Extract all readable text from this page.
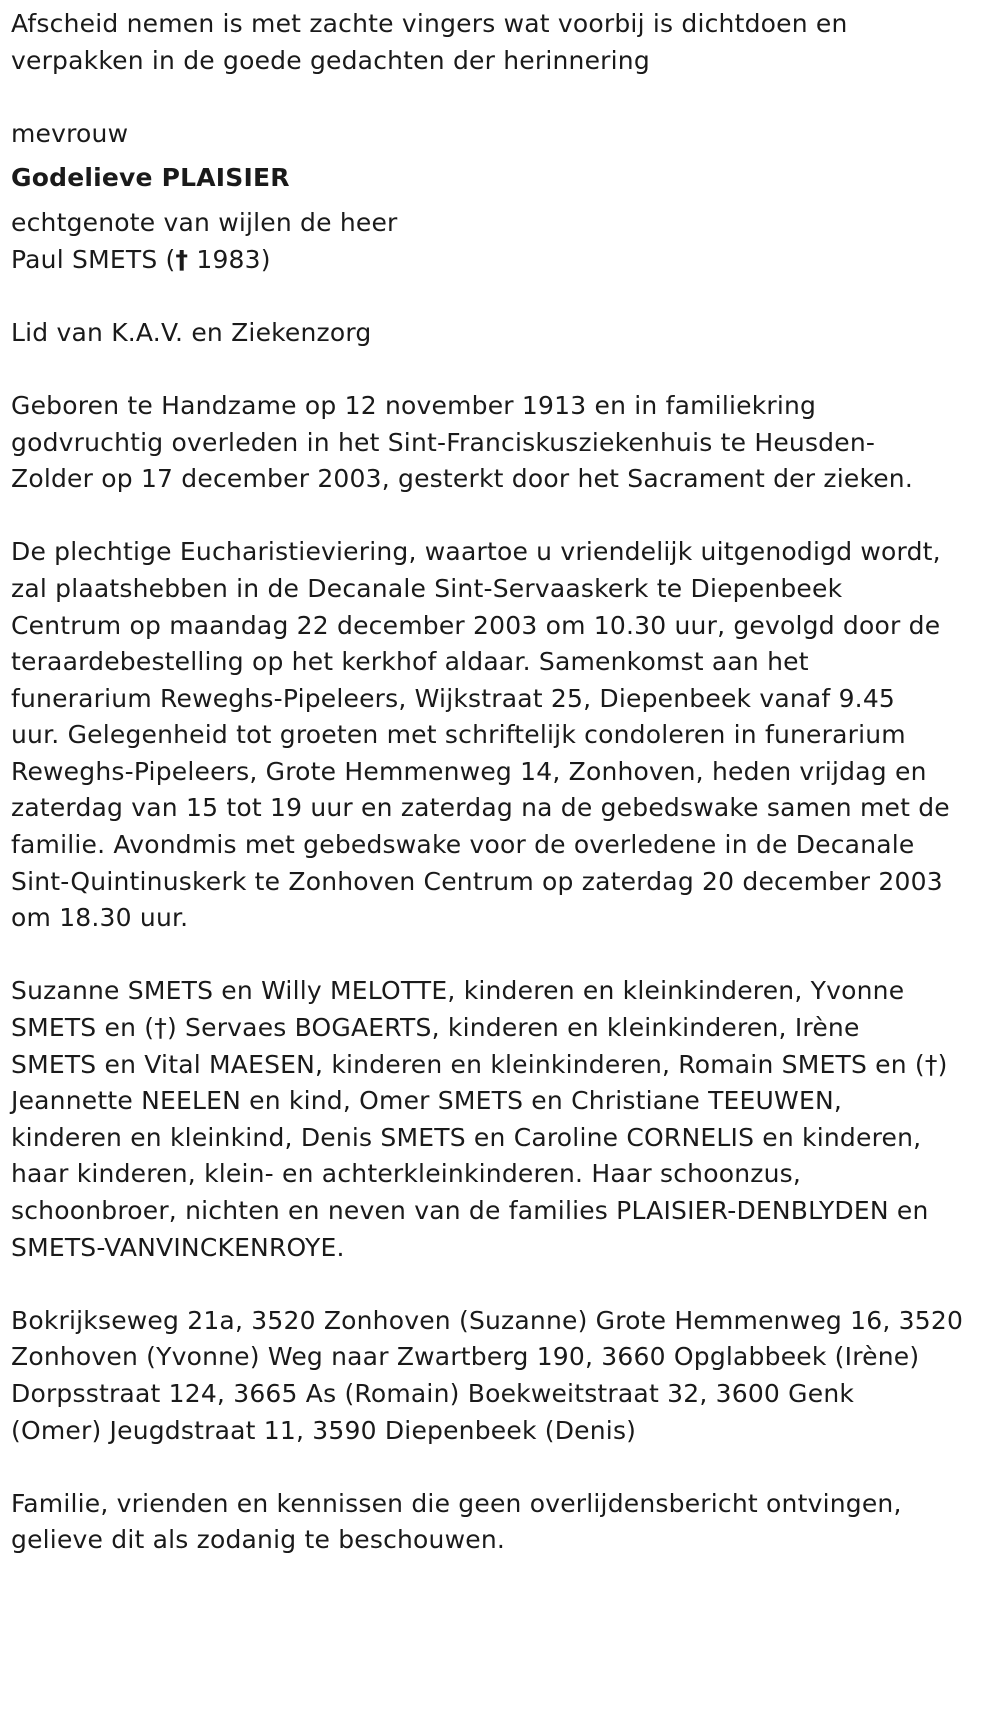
Afscheid nemen is met zachte vingers wat voorbij is dichtdoen en
verpakken in de goede gedachten der herinnering
mevrouw
Godelieve PLAISIER
echtgenote van wijlen de heer
Paul SMETS († 1983)
Lid van K.A.V. en Ziekenzorg
Geboren te Handzame op 12 november 1913 en in familiekring
godvruchtig overleden in het Sint-Franciskusziekenhuis te Heusden-
Zolder op 17 december 2003, gesterkt door het Sacrament der zieken.
De plechtige Eucharistieviering, waartoe u vriendelijk uitgenodigd wordt,
zal plaatshebben in de Decanale Sint-Servaaskerk te Diepenbeek
Centrum op maandag 22 december 2003 om 10.30 uur, gevolgd door de
teraardebestelling op het kerkhof aldaar. Samenkomst aan het
funerarium Reweghs-Pipeleers, Wijkstraat 25, Diepenbeek vanaf 9.45
uur. Gelegenheid tot groeten met schriftelijk condoleren in funerarium
Reweghs-Pipeleers, Grote Hemmenweg 14, Zonhoven, heden vrijdag en
zaterdag van 15 tot 19 uur en zaterdag na de gebedswake samen met de
familie. Avondmis met gebedswake voor de overledene in de Decanale
Sint-Quintinuskerk te Zonhoven Centrum op zaterdag 20 december 2003
om 18.30 uur.
Suzanne SMETS en Willy MELOTTE, kinderen en kleinkinderen, Yvonne
SMETS en (†) Servaes BOGAERTS, kinderen en kleinkinderen, Irène
SMETS en Vital MAESEN, kinderen en kleinkinderen, Romain SMETS en (†)
Jeannette NEELEN en kind, Omer SMETS en Christiane TEEUWEN,
kinderen en kleinkind, Denis SMETS en Caroline CORNELIS en kinderen,
haar kinderen, klein- en achterkleinkinderen. Haar schoonzus,
schoonbroer, nichten en neven van de families PLAISIER-DENBLYDEN en
SMETS-VANVINCKENROYE.
Bokrijkseweg 21a, 3520 Zonhoven (Suzanne) Grote Hemmenweg 16, 3520
Zonhoven (Yvonne) Weg naar Zwartberg 190, 3660 Opglabbeek (Irène)
Dorpsstraat 124, 3665 As (Romain) Boekweitstraat 32, 3600 Genk
(Omer) Jeugdstraat 11, 3590 Diepenbeek (Denis)
Familie, vrienden en kennissen die geen overlijdensbericht ontvingen,
gelieve dit als zodanig te beschouwen.
